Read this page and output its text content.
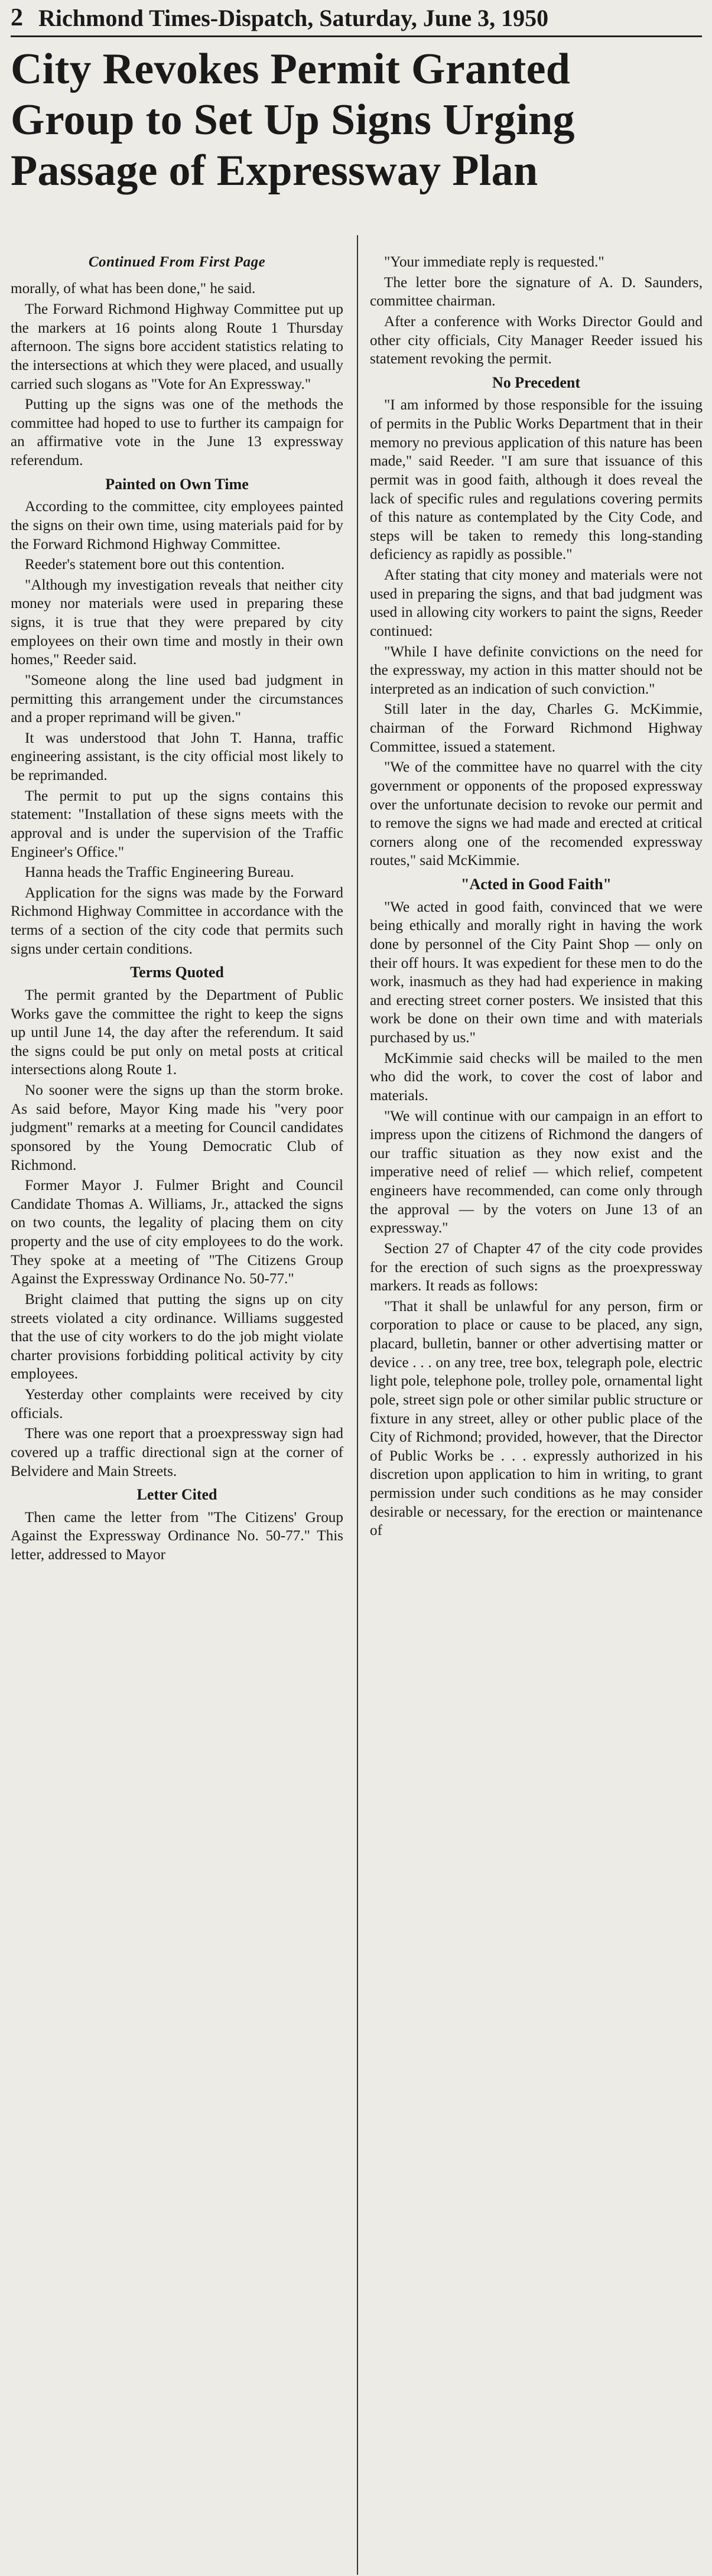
2 Richmond Times-Dispatch, Saturday, June 3, 1950
City Revokes Permit Granted Group to Set Up Signs Urging Passage of Expressway Plan
Continued From First Page

morally, of what has been done," he said.

The Forward Richmond Highway Committee put up the markers at 16 points along Route 1 Thursday afternoon. The signs bore accident statistics relating to the intersections at which they were placed, and usually carried such slogans as "Vote for An Expressway."

Putting up the signs was one of the methods the committee had hoped to use to further its campaign for an affirmative vote in the June 13 expressway referendum.

Painted on Own Time

According to the committee, city employees painted the signs on their own time, using materials paid for by the Forward Richmond Highway Committee.

Reeder's statement bore out this contention.

"Although my investigation reveals that neither city money nor materials were used in preparing these signs, it is true that they were prepared by city employees on their own time and mostly in their own homes," Reeder said.

"Someone along the line used bad judgment in permitting this arrangement under the circumstances and a proper reprimand will be given."

It was understood that John T. Hanna, traffic engineering assistant, is the city official most likely to be reprimanded.

The permit to put up the signs contains this statement: "Installation of these signs meets with the approval and is under the supervision of the Traffic Engineer's Office."

Hanna heads the Traffic Engineering Bureau.

Application for the signs was made by the Forward Richmond Highway Committee in accordance with the terms of a section of the city code that permits such signs under certain conditions.

Terms Quoted

The permit granted by the Department of Public Works gave the committee the right to keep the signs up until June 14, the day after the referendum. It said the signs could be put only on metal posts at critical intersections along Route 1.

No sooner were the signs up than the storm broke. As said before, Mayor King made his "very poor judgment" remarks at a meeting for Council candidates sponsored by the Young Democratic Club of Richmond.

Former Mayor J. Fulmer Bright and Council Candidate Thomas A. Williams, Jr., attacked the signs on two counts, the legality of placing them on city property and the use of city employees to do the work. They spoke at a meeting of "The Citizens Group Against the Expressway Ordinance No. 50-77."

Bright claimed that putting the signs up on city streets violated a city ordinance. Williams suggested that the use of city workers to do the job might violate charter provisions forbidding political activity by city employees.

Yesterday other complaints were received by city officials.

There was one report that a proexpressway sign had covered up a traffic directional sign at the corner of Belvidere and Main Streets.

Letter Cited

Then came the letter from "The Citizens' Group Against the Expressway Ordinance No. 50-77." This letter, addressed to Mayor

"Your immediate reply is requested."

The letter bore the signature of A. D. Saunders, committee chairman.

After a conference with Works Director Gould and other city officials, City Manager Reeder issued his statement revoking the permit.

No Precedent

"I am informed by those responsible for the issuing of permits in the Public Works Department that in their memory no previous application of this nature has been made," said Reeder. "I am sure that issuance of this permit was in good faith, although it does reveal the lack of specific rules and regulations covering permits of this nature as contemplated by the City Code, and steps will be taken to remedy this long-standing deficiency as rapidly as possible."

After stating that city money and materials were not used in preparing the signs, and that bad judgment was used in allowing city workers to paint the signs, Reeder continued:

"While I have definite convictions on the need for the expressway, my action in this matter should not be interpreted as an indication of such conviction."

Still later in the day, Charles G. McKimmie, chairman of the Forward Richmond Highway Committee, issued a statement.

"We of the committee have no quarrel with the city government or opponents of the proposed expressway over the unfortunate decision to revoke our permit and to remove the signs we had made and erected at critical corners along one of the recomended expressway routes," said McKimmie.

"Acted in Good Faith"

"We acted in good faith, convinced that we were being ethically and morally right in having the work done by personnel of the City Paint Shop — only on their off hours. It was expedient for these men to do the work, inasmuch as they had had experience in making and erecting street corner posters. We insisted that this work be done on their own time and with materials purchased by us."

McKimmie said checks will be mailed to the men who did the work, to cover the cost of labor and materials.

"We will continue with our campaign in an effort to impress upon the citizens of Richmond the dangers of our traffic situation as they now exist and the imperative need of relief — which relief, competent engineers have recommended, can come only through the approval — by the voters on June 13 of an expressway."

Section 27 of Chapter 47 of the city code provides for the erection of such signs as the proexpressway markers. It reads as follows:

"That it shall be unlawful for any person, firm or corporation to place or cause to be placed, any sign, placard, bulletin, banner or other advertising matter or device . . . on any tree, tree box, telegraph pole, electric light pole, telephone pole, trolley pole, ornamental light pole, street sign pole or other similar public structure or fixture in any street, alley or other public place of the City of Richmond; provided, however, that the Director of Public Works be . . . expressly authorized in his discretion upon application to him in writing, to grant permission under such conditions as he may consider desirable or necessary, for the erection or maintenance of
